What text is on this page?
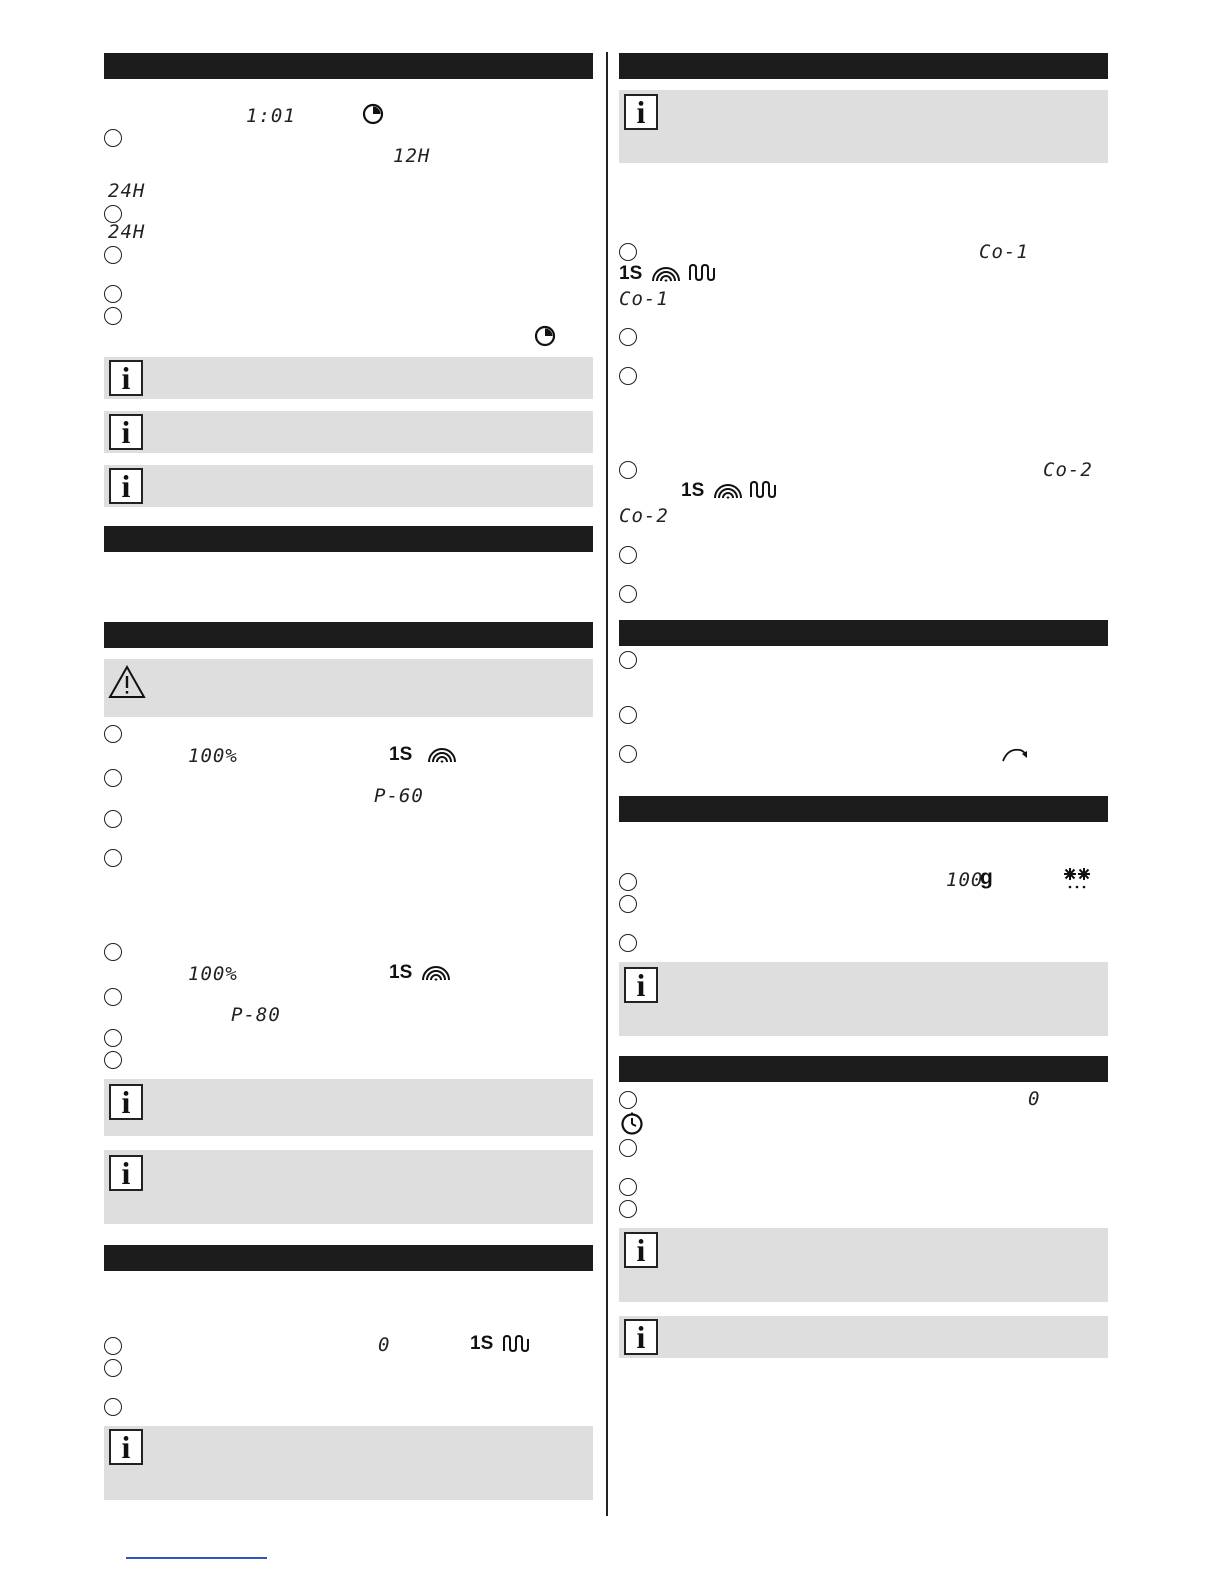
1:01
12H
24H
24H
i
i
i
100%	1S
P-60
100%	1S
P-80
i
i
0	1S
i
i
Co-1
1S
Co-1
Co-2
1S
Co-2
100
g
i
0
i
i
